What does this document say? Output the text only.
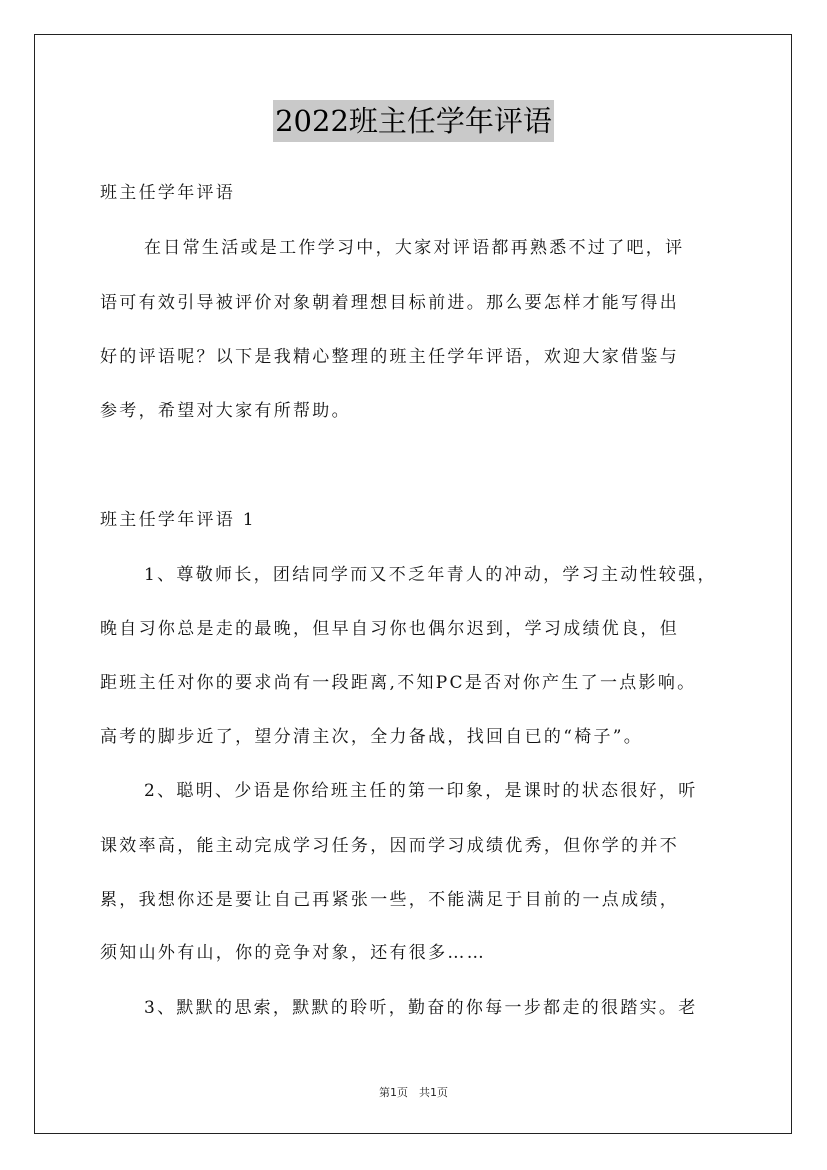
2022班主任学年评语
班主任学年评语
在日常生活或是工作学习中，大家对评语都再熟悉不过了吧，评
语可有效引导被评价对象朝着理想目标前进。那么要怎样才能写得出
好的评语呢？以下是我精心整理的班主任学年评语，欢迎大家借鉴与
参考，希望对大家有所帮助。
班主任学年评语 1
1、尊敬师长，团结同学而又不乏年青人的冲动，学习主动性较强，
晚自习你总是走的最晚，但早自习你也偶尔迟到，学习成绩优良，但
距班主任对你的要求尚有一段距离,不知PC是否对你产生了一点影响。
高考的脚步近了，望分清主次，全力备战，找回自已的“椅子”。
2、聪明、少语是你给班主任的第一印象，是课时的状态很好，听
课效率高，能主动完成学习任务，因而学习成绩优秀，但你学的并不
累，我想你还是要让自己再紧张一些，不能满足于目前的一点成绩，
须知山外有山，你的竞争对象，还有很多……
3、默默的思索，默默的聆听，勤奋的你每一步都走的很踏实。老
第1页　共1页
